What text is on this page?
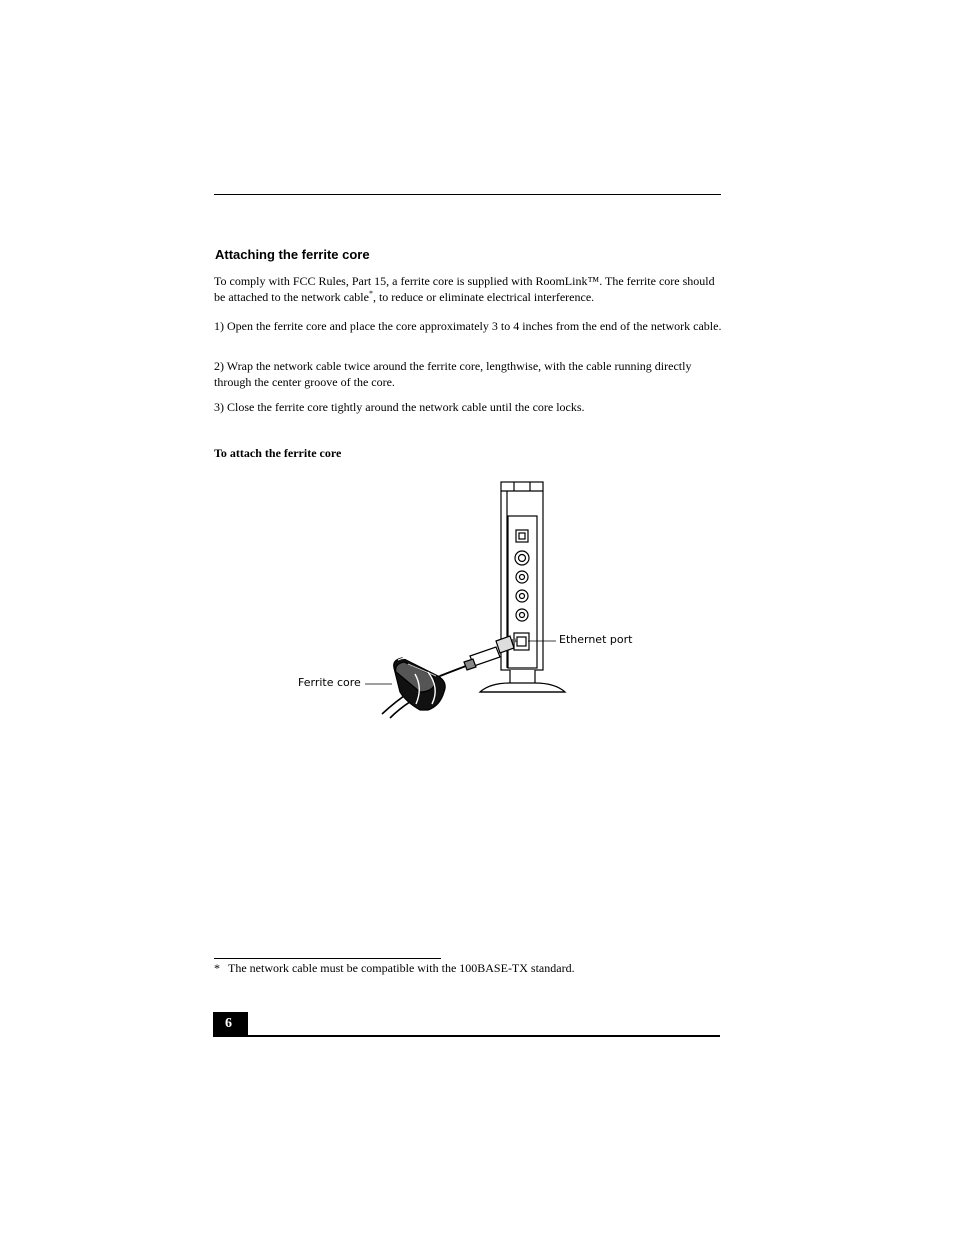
Attaching the ferrite core
To comply with FCC Rules, Part 15, a ferrite core is supplied with RoomLink™. The ferrite core should be attached to the network cable*, to reduce or eliminate electrical interference.
1) Open the ferrite core and place the core approximately 3 to 4 inches from the end of the network cable.
2) Wrap the network cable twice around the ferrite core, lengthwise, with the cable running directly through the center groove of the core.
3) Close the ferrite core tightly around the network cable until the core locks.
To attach the ferrite core
Ethernet port
Ferrite core
* The network cable must be compatible with the 100BASE-TX standard.
6
